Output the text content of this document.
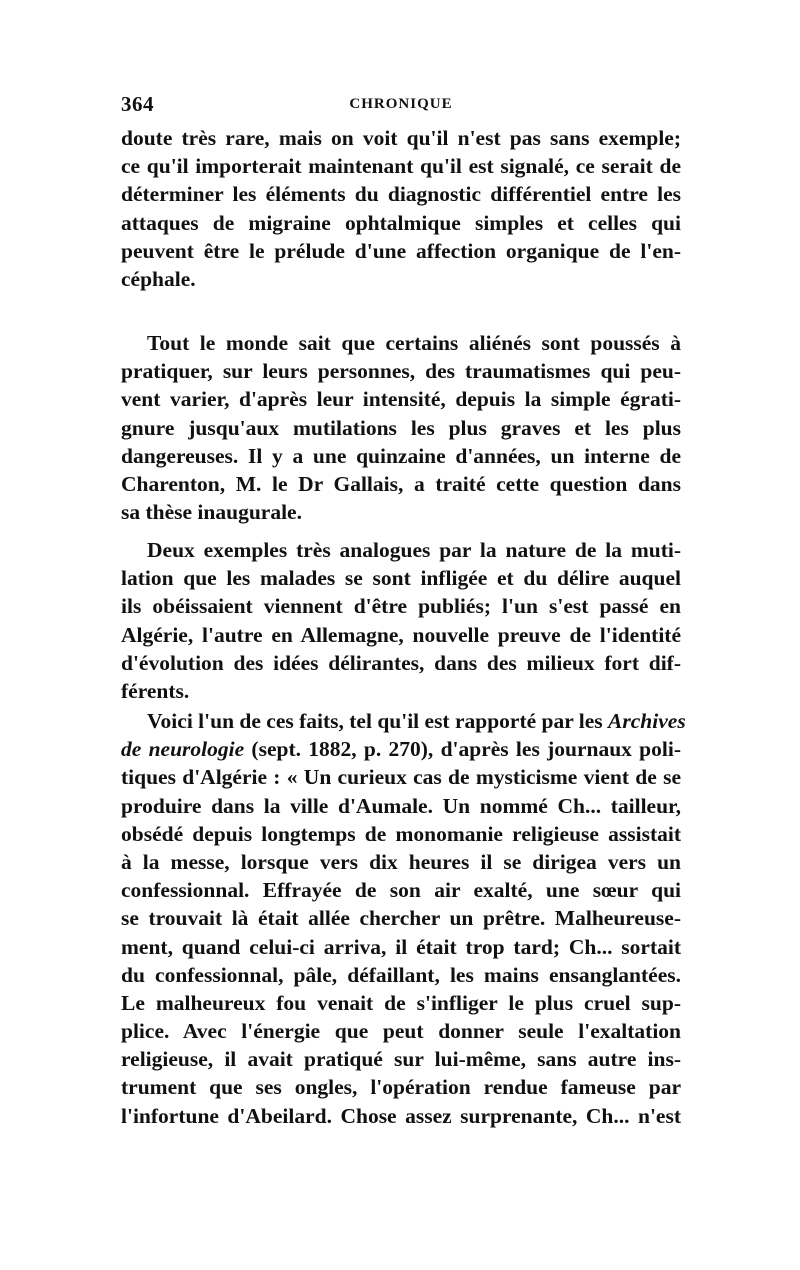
364	CHRONIQUE
doute très rare, mais on voit qu'il n'est pas sans exemple;
ce qu'il importerait maintenant qu'il est signalé, ce serait de
déterminer les éléments du diagnostic différentiel entre les
attaques de migraine ophtalmique simples et celles qui
peuvent être le prélude d'une affection organique de l'en-
céphale.
Tout le monde sait que certains aliénés sont poussés à
pratiquer, sur leurs personnes, des traumatismes qui peu-
vent varier, d'après leur intensité, depuis la simple égrati-
gnure jusqu'aux mutilations les plus graves et les plus
dangereuses. Il y a une quinzaine d'années, un interne de
Charenton, M. le Dr Gallais, a traité cette question dans
sa thèse inaugurale.
Deux exemples très analogues par la nature de la muti-
lation que les malades se sont infligée et du délire auquel
ils obéissaient viennent d'être publiés; l'un s'est passé en
Algérie, l'autre en Allemagne, nouvelle preuve de l'identité
d'évolution des idées délirantes, dans des milieux fort dif-
férents.
Voici l'un de ces faits, tel qu'il est rapporté par les Archives
de neurologie (sept. 1882, p. 270), d'après les journaux poli-
tiques d'Algérie : « Un curieux cas de mysticisme vient de se
produire dans la ville d'Aumale. Un nommé Ch... tailleur,
obsédé depuis longtemps de monomanie religieuse assistait
à la messe, lorsque vers dix heures il se dirigea vers un
confessionnal. Effrayée de son air exalté, une sœur qui
se trouvait là était allée chercher un prêtre. Malheureuse-
ment, quand celui-ci arriva, il était trop tard; Ch... sortait
du confessionnal, pâle, défaillant, les mains ensanglantées.
Le malheureux fou venait de s'infliger le plus cruel sup-
plice. Avec l'énergie que peut donner seule l'exaltation
religieuse, il avait pratiqué sur lui-même, sans autre ins-
trument que ses ongles, l'opération rendue fameuse par
l'infortune d'Abeilard. Chose assez surprenante, Ch... n'est
